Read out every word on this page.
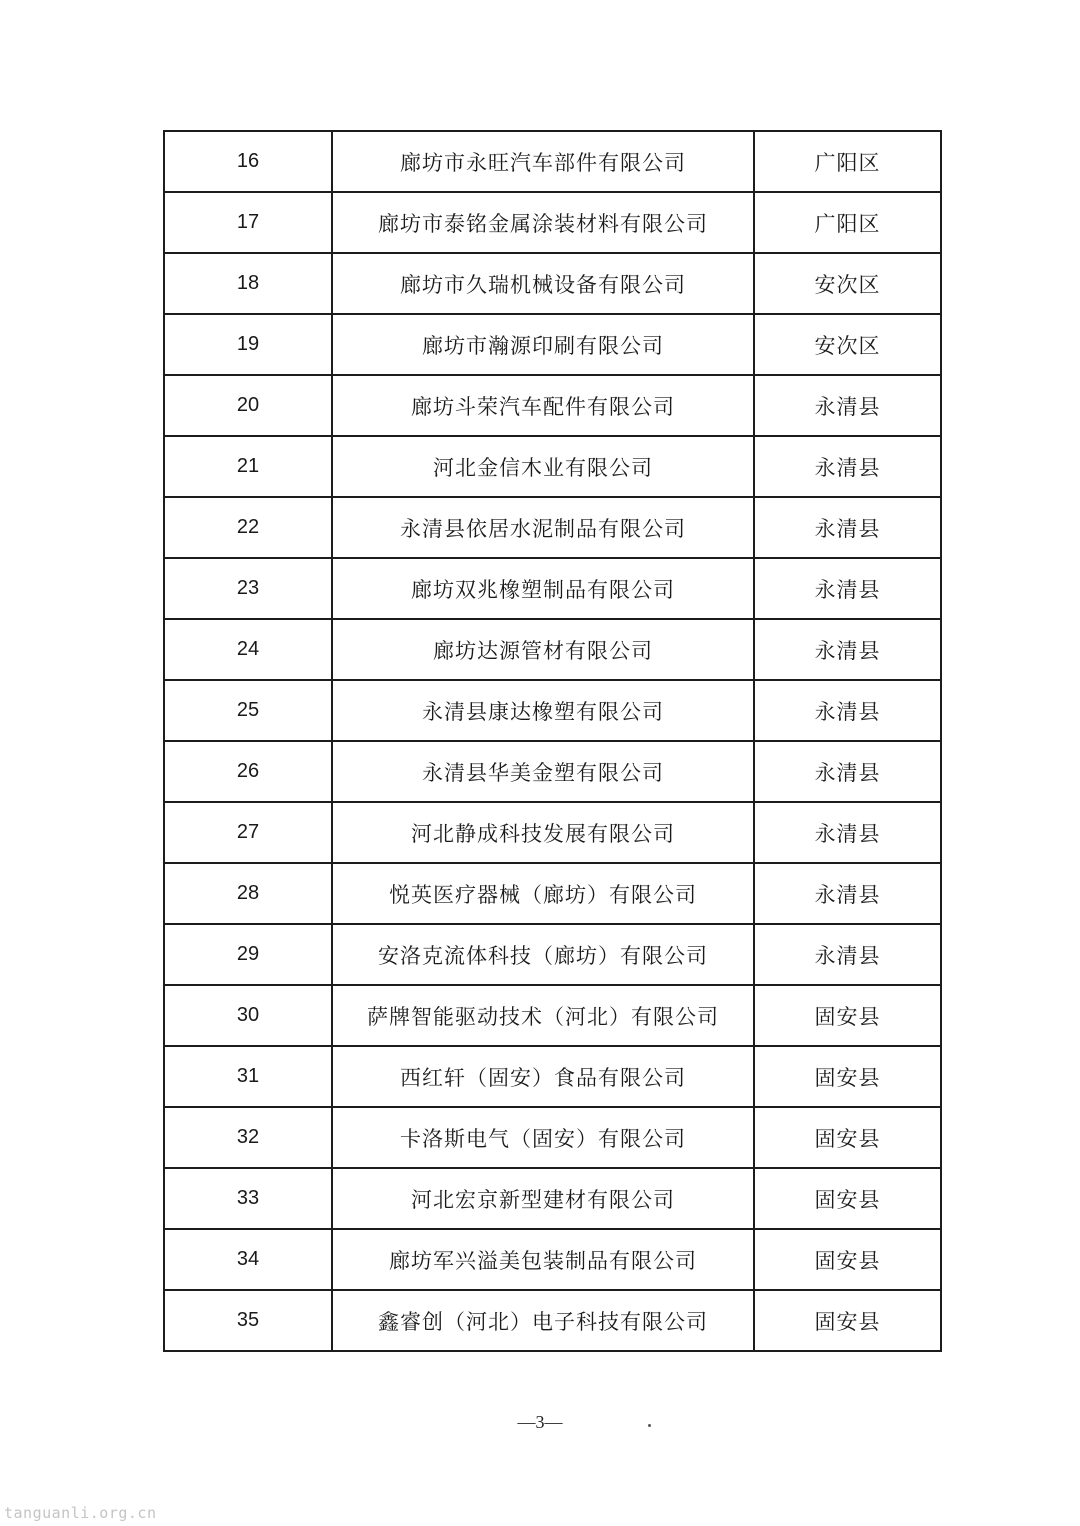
16	廊坊市永旺汽车部件有限公司	广阳区
17	廊坊市泰铭金属涂装材料有限公司	广阳区
18	廊坊市久瑞机械设备有限公司	安次区
19	廊坊市瀚源印刷有限公司	安次区
20	廊坊斗荣汽车配件有限公司	永清县
21	河北金信木业有限公司	永清县
22	永清县依居水泥制品有限公司	永清县
23	廊坊双兆橡塑制品有限公司	永清县
24	廊坊达源管材有限公司	永清县
25	永清县康达橡塑有限公司	永清县
26	永清县华美金塑有限公司	永清县
27	河北静成科技发展有限公司	永清县
28	悦英医疗器械（廊坊）有限公司	永清县
29	安洛克流体科技（廊坊）有限公司	永清县
30	萨牌智能驱动技术（河北）有限公司	固安县
31	西红轩（固安）食品有限公司	固安县
32	卡洛斯电气（固安）有限公司	固安县
33	河北宏京新型建材有限公司	固安县
34	廊坊军兴溢美包装制品有限公司	固安县
35	鑫睿创（河北）电子科技有限公司	固安县
—3—
tanguanli.org.cn
